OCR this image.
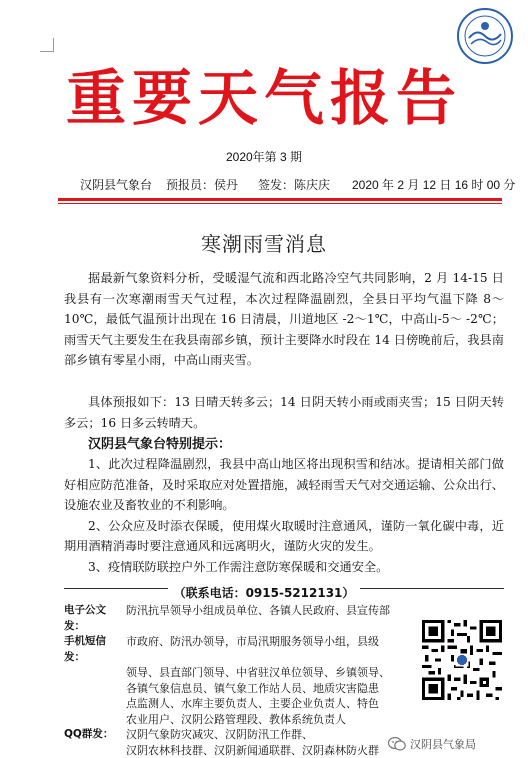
重要天气报告
2020年第 3 期
汉阴县气象台 预报员：侯丹 签发：陈庆庆 2020 年 2 月 12 日 16 时 00 分
寒潮雨雪消息
据最新气象资料分析，受暖湿气流和西北路冷空气共同影响，2 月 14-15 日我县有一次寒潮雨雪天气过程，本次过程降温剧烈，全县日平均气温下降 8～10℃，最低气温预计出现在 16 日清晨，川道地区 -2～1℃，中高山-5～ -2℃；雨雪天气主要发生在我县南部乡镇，预计主要降水时段在 14 日傍晚前后，我县南部乡镇有零星小雨，中高山雨夹雪。
具体预报如下：13 日晴天转多云；14 日阴天转小雨或雨夹雪；15 日阴天转多云；16 日多云转晴天。
汉阴县气象台特别提示：

1、此次过程降温剧烈，我县中高山地区将出现积雪和结冰。提请相关部门做好相应防范准备，及时采取应对处置措施，减轻雨雪天气对交通运输、公众出行、设施农业及畜牧业的不利影响。

2、公众应及时添衣保暖，使用煤火取暖时注意通风，谨防一氧化碳中毒，近期用酒精消毒时要注意通风和远离明火，谨防火灾的发生。

3、疫情联防联控户外工作需注意防寒保暖和交通安全。

（联系电话：0915-5212131）
电子公文发：
防汛抗旱领导小组成员单位、各镇人民政府、县宣传部
手机短信发：
市政府、防汛办领导，市局汛期服务领导小组，县级
领导、县直部门领导、中省驻汉单位领导、乡镇领导、
各镇气象信息员、镇气象工作站人员、地质灾害隐患
点监测人、水库主要负责人、主要企业负责人、特色
农业用户、汉阴公路管理段、教体系统负责人
QQ群发：	汉阴气象防灾减灾、汉阴防汛工作群、
汉阴农林科技群、汉阴新闻通联群、汉阴森林防火群	汉阴县气象局
